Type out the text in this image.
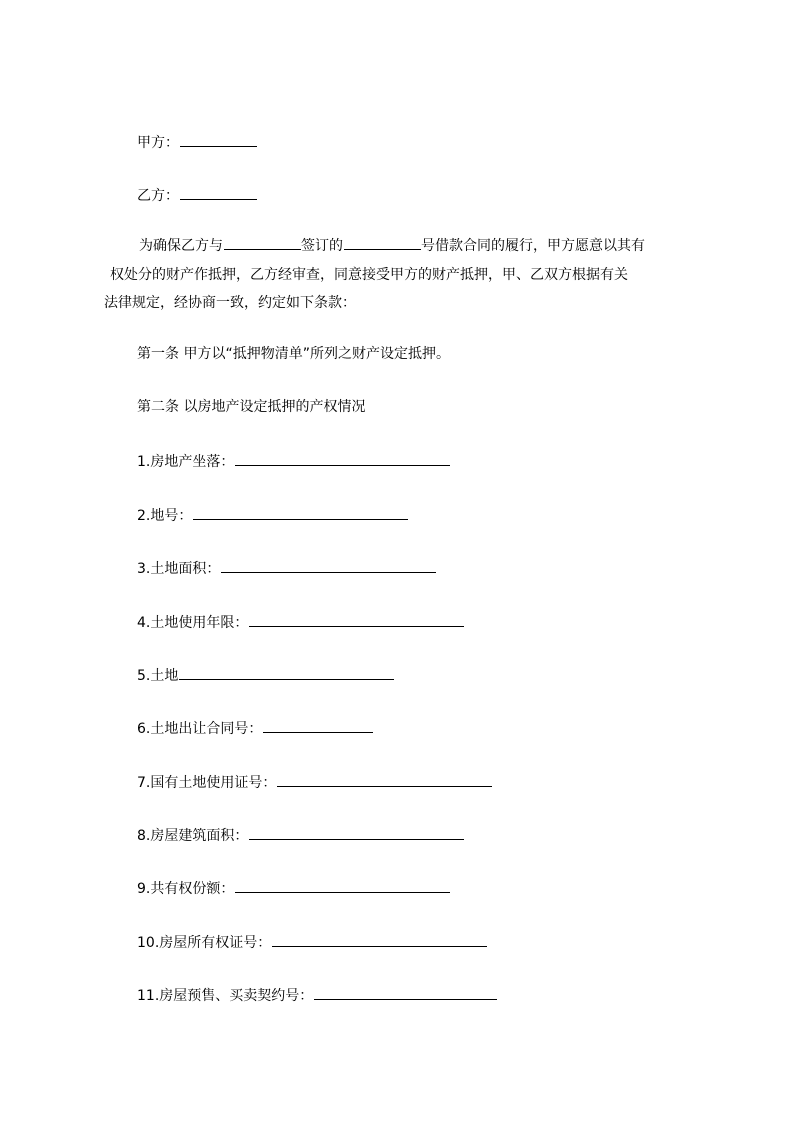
甲方：
乙方：
为确保乙方与	签订的	号借款合同的履行，甲方愿意以其有
权处分的财产作抵押，乙方经审查，同意接受甲方的财产抵押，甲、乙双方根据有关
法律规定，经协商一致，约定如下条款：
第一条 甲方以“抵押物清单”所列之财产设定抵押。
第二条 以房地产设定抵押的产权情况
1.房地产坐落：
2.地号：
3.土地面积：
4.土地使用年限：
5.土地
6.土地出让合同号：
7.国有土地使用证号：
8.房屋建筑面积：
9.共有权份额：
10.房屋所有权证号：
11.房屋预售、买卖契约号：
